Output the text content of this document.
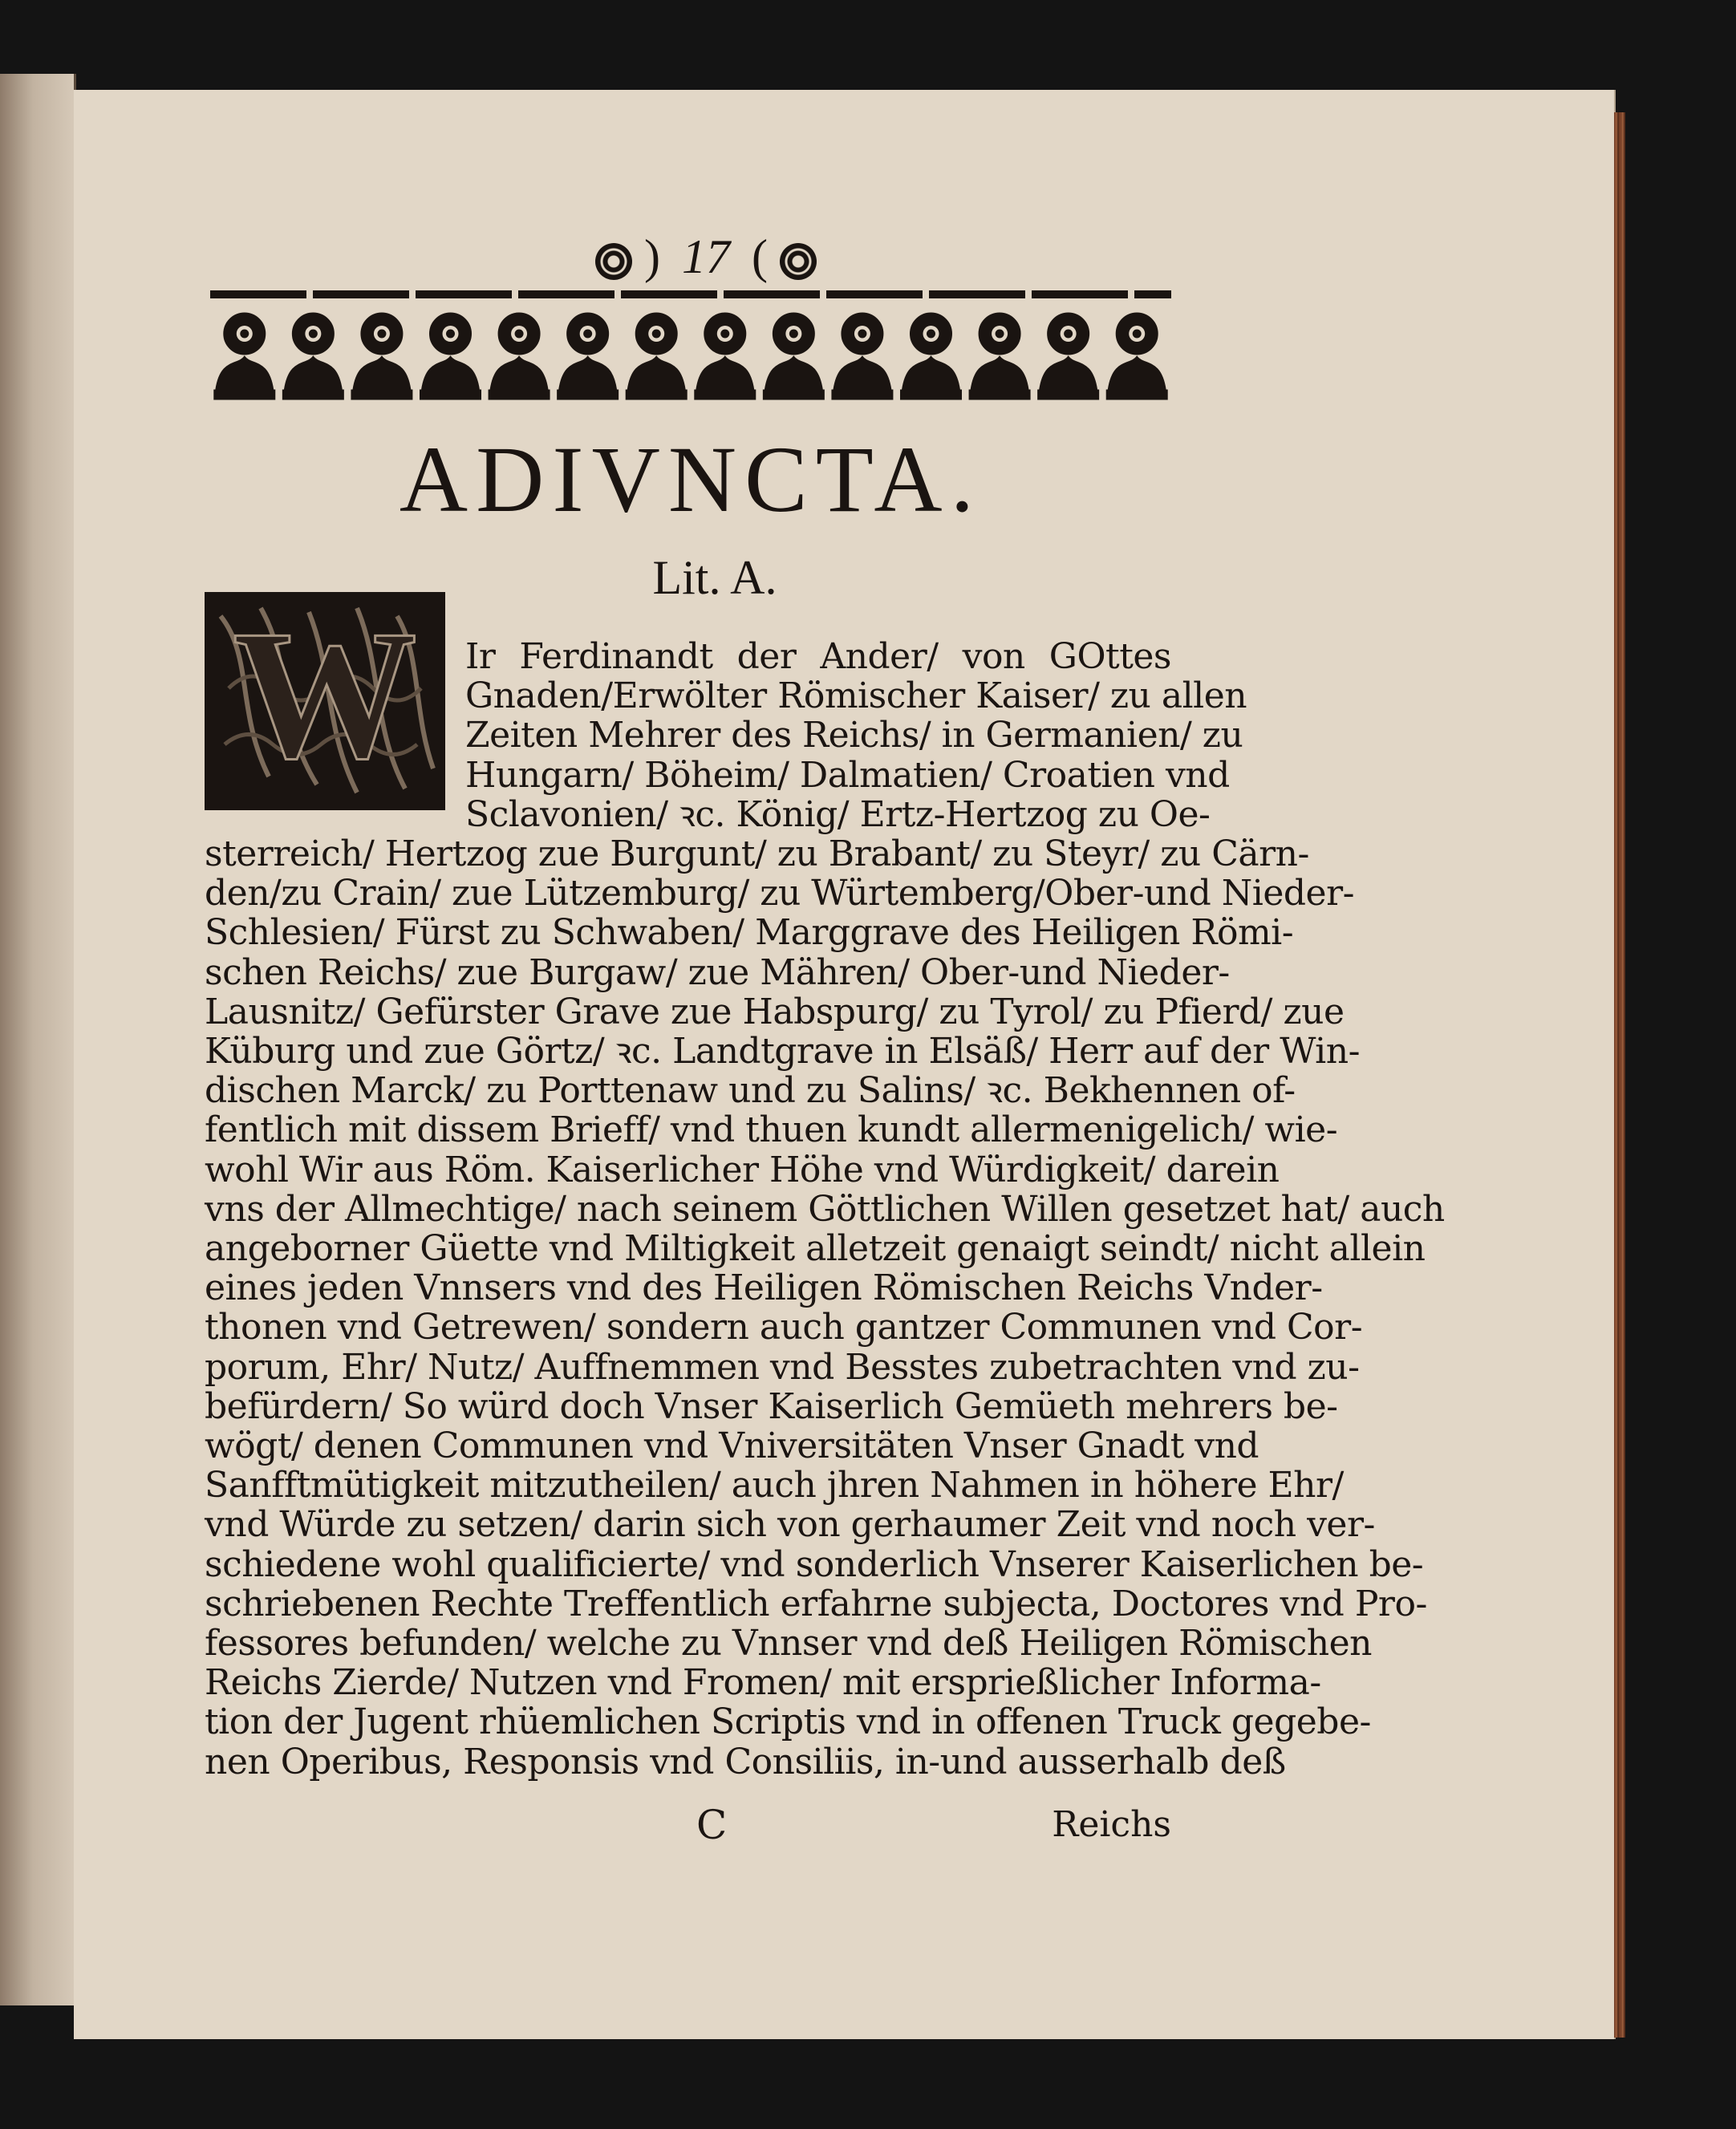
) 17 (
ADIVNCTA.
Lit. A.
W Ir Ferdinandt der Ander/ von GOttes

Gnaden/Erwölter Römischer Kaiser/ zu allen

Zeiten Mehrer des Reichs/ in Germanien/ zu

Hungarn/ Böheim/ Dalmatien/ Croatien vnd

Sclavonien/ ꝛc. König/ Ertz-Hertzog zu Oe-

sterreich/ Hertzog zue Burgunt/ zu Brabant/ zu Steyr/ zu Cärn-

den/zu Crain/ zue Lützemburg/ zu Würtemberg/Ober-und Nieder-

Schlesien/ Fürst zu Schwaben/ Marggrave des Heiligen Römi-

schen Reichs/ zue Burgaw/ zue Mähren/ Ober-und Nieder-

Lausnitz/ Gefürster Grave zue Habspurg/ zu Tyrol/ zu Pfierd/ zue

Küburg und zue Görtz/ ꝛc. Landtgrave in Elsäß/ Herr auf der Win-

dischen Marck/ zu Porttenaw und zu Salins/ ꝛc. Bekhennen of-

fentlich mit dissem Brieff/ vnd thuen kundt allermenigelich/ wie-

wohl Wir aus Röm. Kaiserlicher Höhe vnd Würdigkeit/ darein

vns der Allmechtige/ nach seinem Göttlichen Willen gesetzet hat/ auch

angeborner Güette vnd Miltigkeit alletzeit genaigt seindt/ nicht allein

eines jeden Vnnsers vnd des Heiligen Römischen Reichs Vnder-

thonen vnd Getrewen/ sondern auch gantzer Communen vnd Cor-

porum, Ehr/ Nutz/ Auffnemmen vnd Besstes zubetrachten vnd zu-

befürdern/ So würd doch Vnser Kaiserlich Gemüeth mehrers be-

wögt/ denen Communen vnd Vniversitäten Vnser Gnadt vnd

Sanfftmütigkeit mitzutheilen/ auch jhren Nahmen in höhere Ehr/

vnd Würde zu setzen/ darin sich von gerhaumer Zeit vnd noch ver-

schiedene wohl qualificierte/ vnd sonderlich Vnserer Kaiserlichen be-

schriebenen Rechte Treffentlich erfahrne subjecta, Doctores vnd Pro-

fessores befunden/ welche zu Vnnser vnd deß Heiligen Römischen

Reichs Zierde/ Nutzen vnd Fromen/ mit ersprießlicher Informa-

tion der Jugent rhüemlichen Scriptis vnd in offenen Truck gegebe-

nen Operibus, Responsis vnd Consiliis, in-und ausserhalb deß

C	Reichs
